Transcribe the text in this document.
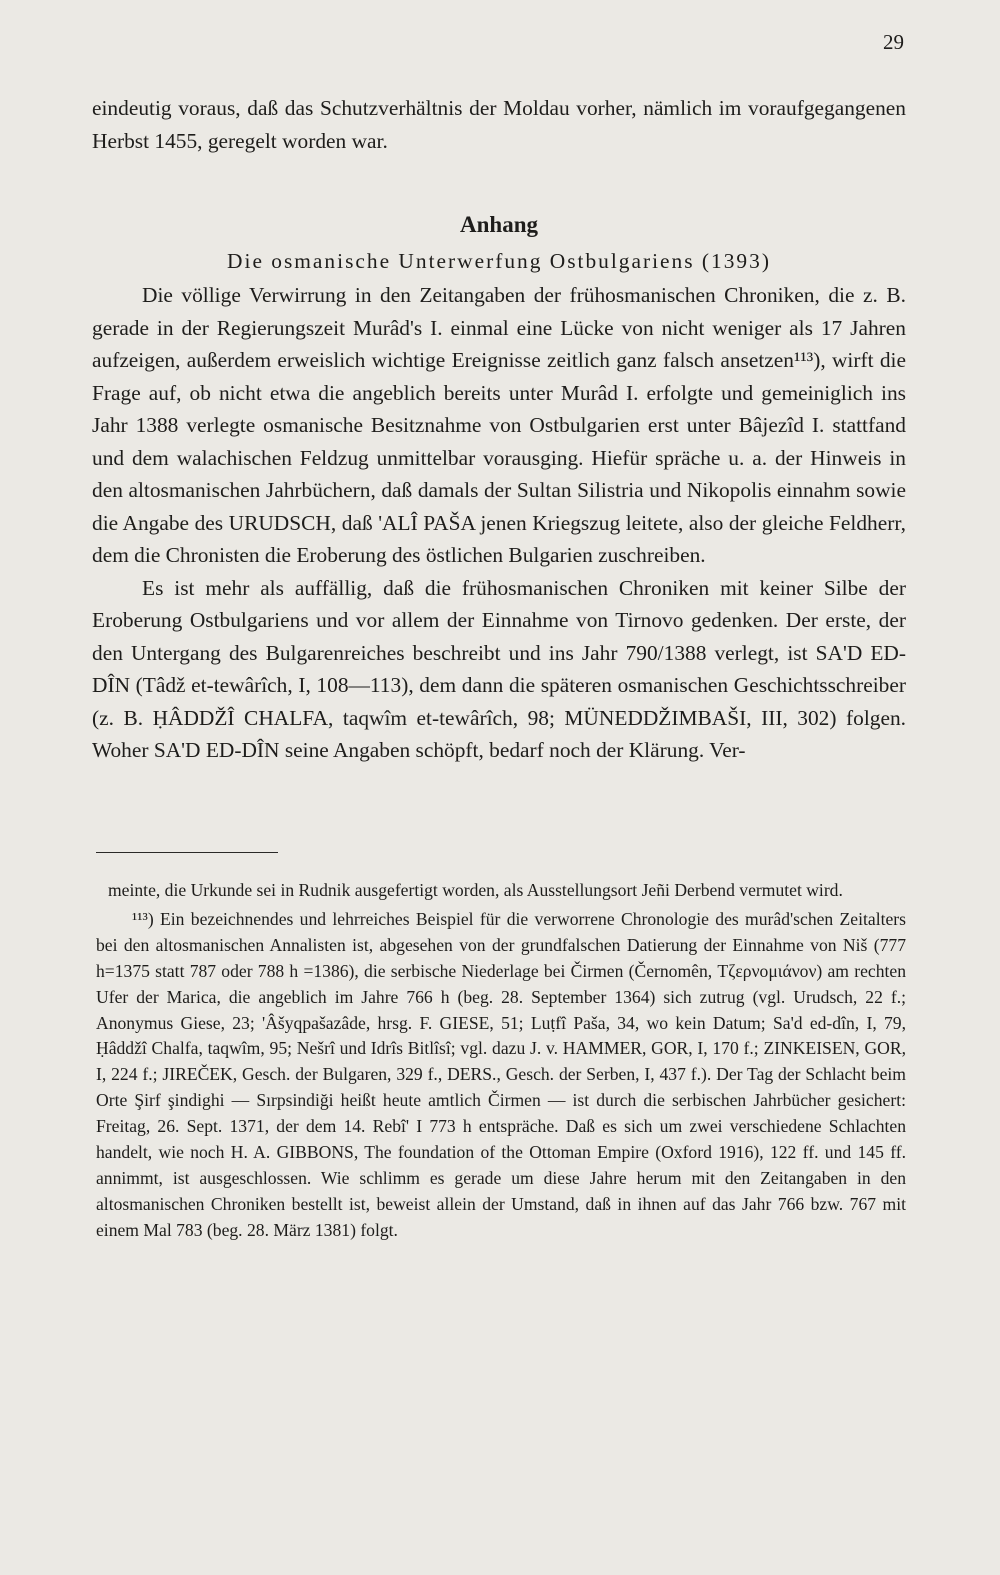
29

eindeutig voraus, daß das Schutzverhältnis der Moldau vorher, nämlich im voraufgegangenen Herbst 1455, geregelt worden war.

Anhang
Die osmanische Unterwerfung Ostbulgariens (1393)

Die völlige Verwirrung in den Zeitangaben der frühosmanischen Chroniken, die z. B. gerade in der Regierungszeit Murâd's I. einmal eine Lücke von nicht weniger als 17 Jahren aufzeigen, außerdem erweislich wichtige Ereignisse zeitlich ganz falsch ansetzen¹¹³), wirft die Frage auf, ob nicht etwa die angeblich bereits unter Murâd I. erfolgte und gemeiniglich ins Jahr 1388 verlegte osmanische Besitznahme von Ostbulgarien erst unter Bâjezîd I. stattfand und dem walachischen Feldzug unmittelbar vorausging. Hiefür spräche u. a. der Hinweis in den altosmanischen Jahrbüchern, daß damals der Sultan Silistria und Nikopolis einnahm sowie die Angabe des URUDSCH, daß 'ALÎ PAŠA jenen Kriegszug leitete, also der gleiche Feldherr, dem die Chronisten die Eroberung des östlichen Bulgarien zuschreiben.

Es ist mehr als auffällig, daß die frühosmanischen Chroniken mit keiner Silbe der Eroberung Ostbulgariens und vor allem der Einnahme von Tirnovo gedenken. Der erste, der den Untergang des Bulgarenreiches beschreibt und ins Jahr 790/1388 verlegt, ist SA'D ED-DÎN (Tâdž et-tewârîch, I, 108—113), dem dann die späteren osmanischen Geschichtsschreiber (z. B. ḤÂDDŽÎ CHALFA, taqwîm et-tewârîch, 98; MÜNEDDŽIMBAŠI, III, 302) folgen. Woher SA'D ED-DÎN seine Angaben schöpft, bedarf noch der Klärung. Ver-

meinte, die Urkunde sei in Rudnik ausgefertigt worden, als Ausstellungsort Jeñi Derbend vermutet wird.

¹¹³) Ein bezeichnendes und lehrreiches Beispiel für die verworrene Chronologie des murâd'schen Zeitalters bei den altosmanischen Annalisten ist, abgesehen von der grundfalschen Datierung der Einnahme von Niš (777 h=1375 statt 787 oder 788 h =1386), die serbische Niederlage bei Čirmen (Černomên, Τζερνομιάνον) am rechten Ufer der Marica, die angeblich im Jahre 766 h (beg. 28. September 1364) sich zutrug (vgl. Urudsch, 22 f.; Anonymus Giese, 23; 'Âšyqpašazâde, hrsg. F. GIESE, 51; Luṭfî Paša, 34, wo kein Datum; Sa'd ed-dîn, I, 79, Ḥâddžî Chalfa, taqwîm, 95; Nešrî und Idrîs Bitlîsî; vgl. dazu J. v. HAMMER, GOR, I, 170 f.; ZINKEISEN, GOR, I, 224 f.; JIREČEK, Gesch. der Bulgaren, 329 f., DERS., Gesch. der Serben, I, 437 f.). Der Tag der Schlacht beim Orte Şirf şindighi — Sırpsindiği heißt heute amtlich Čirmen — ist durch die serbischen Jahrbücher gesichert: Freitag, 26. Sept. 1371, der dem 14. Rebî' I 773 h entspräche. Daß es sich um zwei verschiedene Schlachten handelt, wie noch H. A. GIBBONS, The foundation of the Ottoman Empire (Oxford 1916), 122 ff. und 145 ff. annimmt, ist ausgeschlossen. Wie schlimm es gerade um diese Jahre herum mit den Zeitangaben in den altosmanischen Chroniken bestellt ist, beweist allein der Umstand, daß in ihnen auf das Jahr 766 bzw. 767 mit einem Mal 783 (beg. 28. März 1381) folgt.
